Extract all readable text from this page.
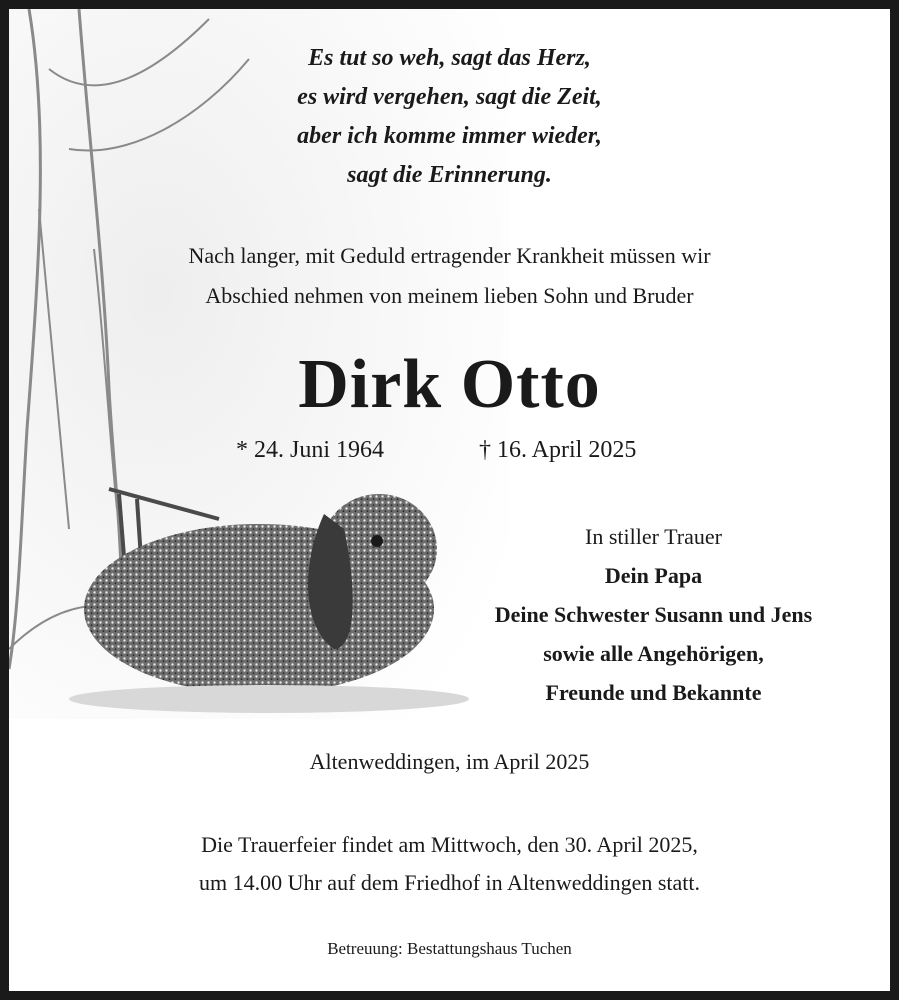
Es tut so weh, sagt das Herz,
es wird vergehen, sagt die Zeit,
aber ich komme immer wieder,
sagt die Erinnerung.
Nach langer, mit Geduld ertragender Krankheit müssen wir
Abschied nehmen von meinem lieben Sohn und Bruder
Dirk Otto
* 24. Juni 1964	† 16. April 2025
In stiller Trauer
Dein Papa
Deine Schwester Susann und Jens
sowie alle Angehörigen,
Freunde und Bekannte
Altenweddingen, im April 2025
Die Trauerfeier findet am Mittwoch, den 30. April 2025,
um 14.00 Uhr auf dem Friedhof in Altenweddingen statt.
Betreuung: Bestattungshaus Tuchen
